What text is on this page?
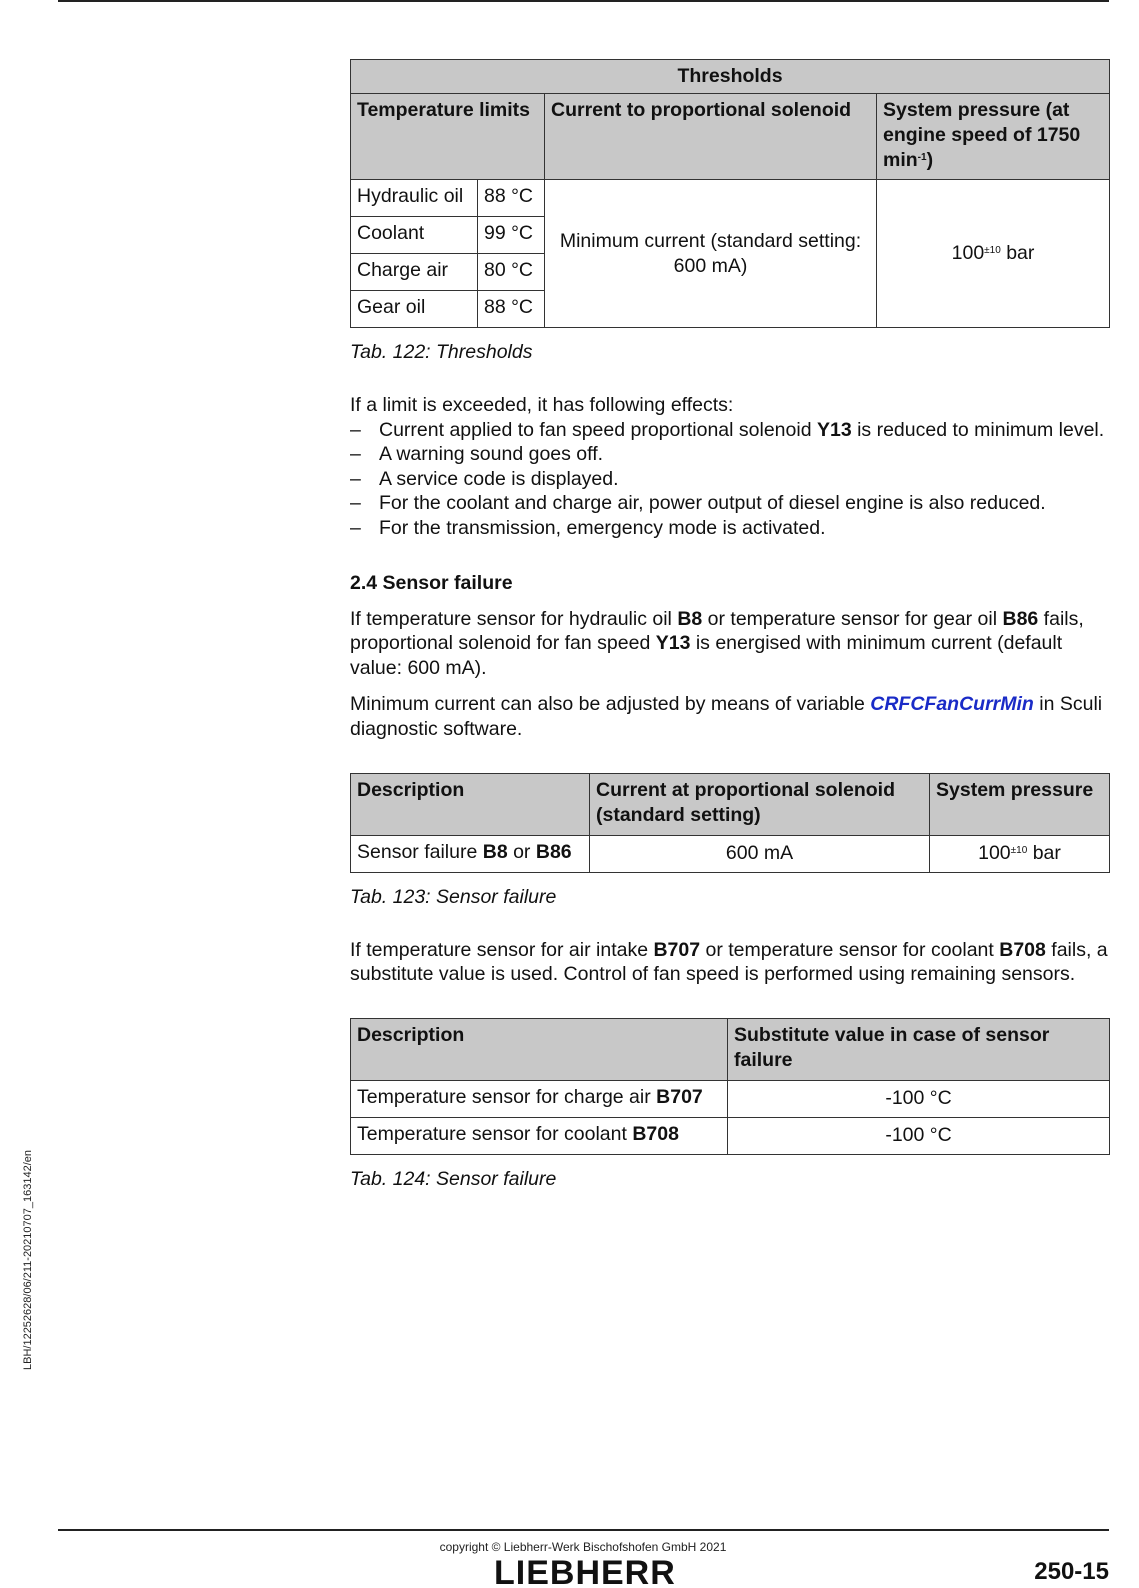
LBH/12252628/06/211-20210707_163142/en
Thresholds			
Temperature limits		Current to proportional solenoid	System pressure (at engine speed of 1750 $\min^{-1}$)
Hydraulic oil	88 °C	Minimum current (standard setting: 600 mA)	$100^{\pm 10}$ bar
Coolant	99 °C		
Charge air	80 °C		
Gear oil	88 °C		
Tab. 122: Thresholds

If a limit is exceeded, it has following effects:

– Current applied to fan speed proportional solenoid Y13 is reduced to minimum level.
– A warning sound goes off.
– A service code is displayed.
– For the coolant and charge air, power output of diesel engine is also reduced.
– For the transmission, emergency mode is activated.
2.4 Sensor failure

If temperature sensor for hydraulic oil B8 or temperature sensor for gear oil B86 fails, proportional solenoid for fan speed Y13 is energised with minimum current (default value: 600 mA).

Minimum current can also be adjusted by means of variable CRFCFanCurrMin in Sculi diagnostic software.

Description	Current at proportional solenoid (standard setting)	System pressure
Sensor failure B8 or B86	600 mA	$100^{\pm 10}$ bar
Tab. 123: Sensor failure

If temperature sensor for air intake B707 or temperature sensor for coolant B708 fails, a substitute value is used. Control of fan speed is performed using remaining sensors.

Description	Substitute value in case of sensor failure
Temperature sensor for charge air B707	-100 °C
Temperature sensor for coolant B708	-100 °C
Tab. 124: Sensor failure
copyright © Liebherr-Werk Bischofshofen GmbH 2021
LIEBHERR	250-15
